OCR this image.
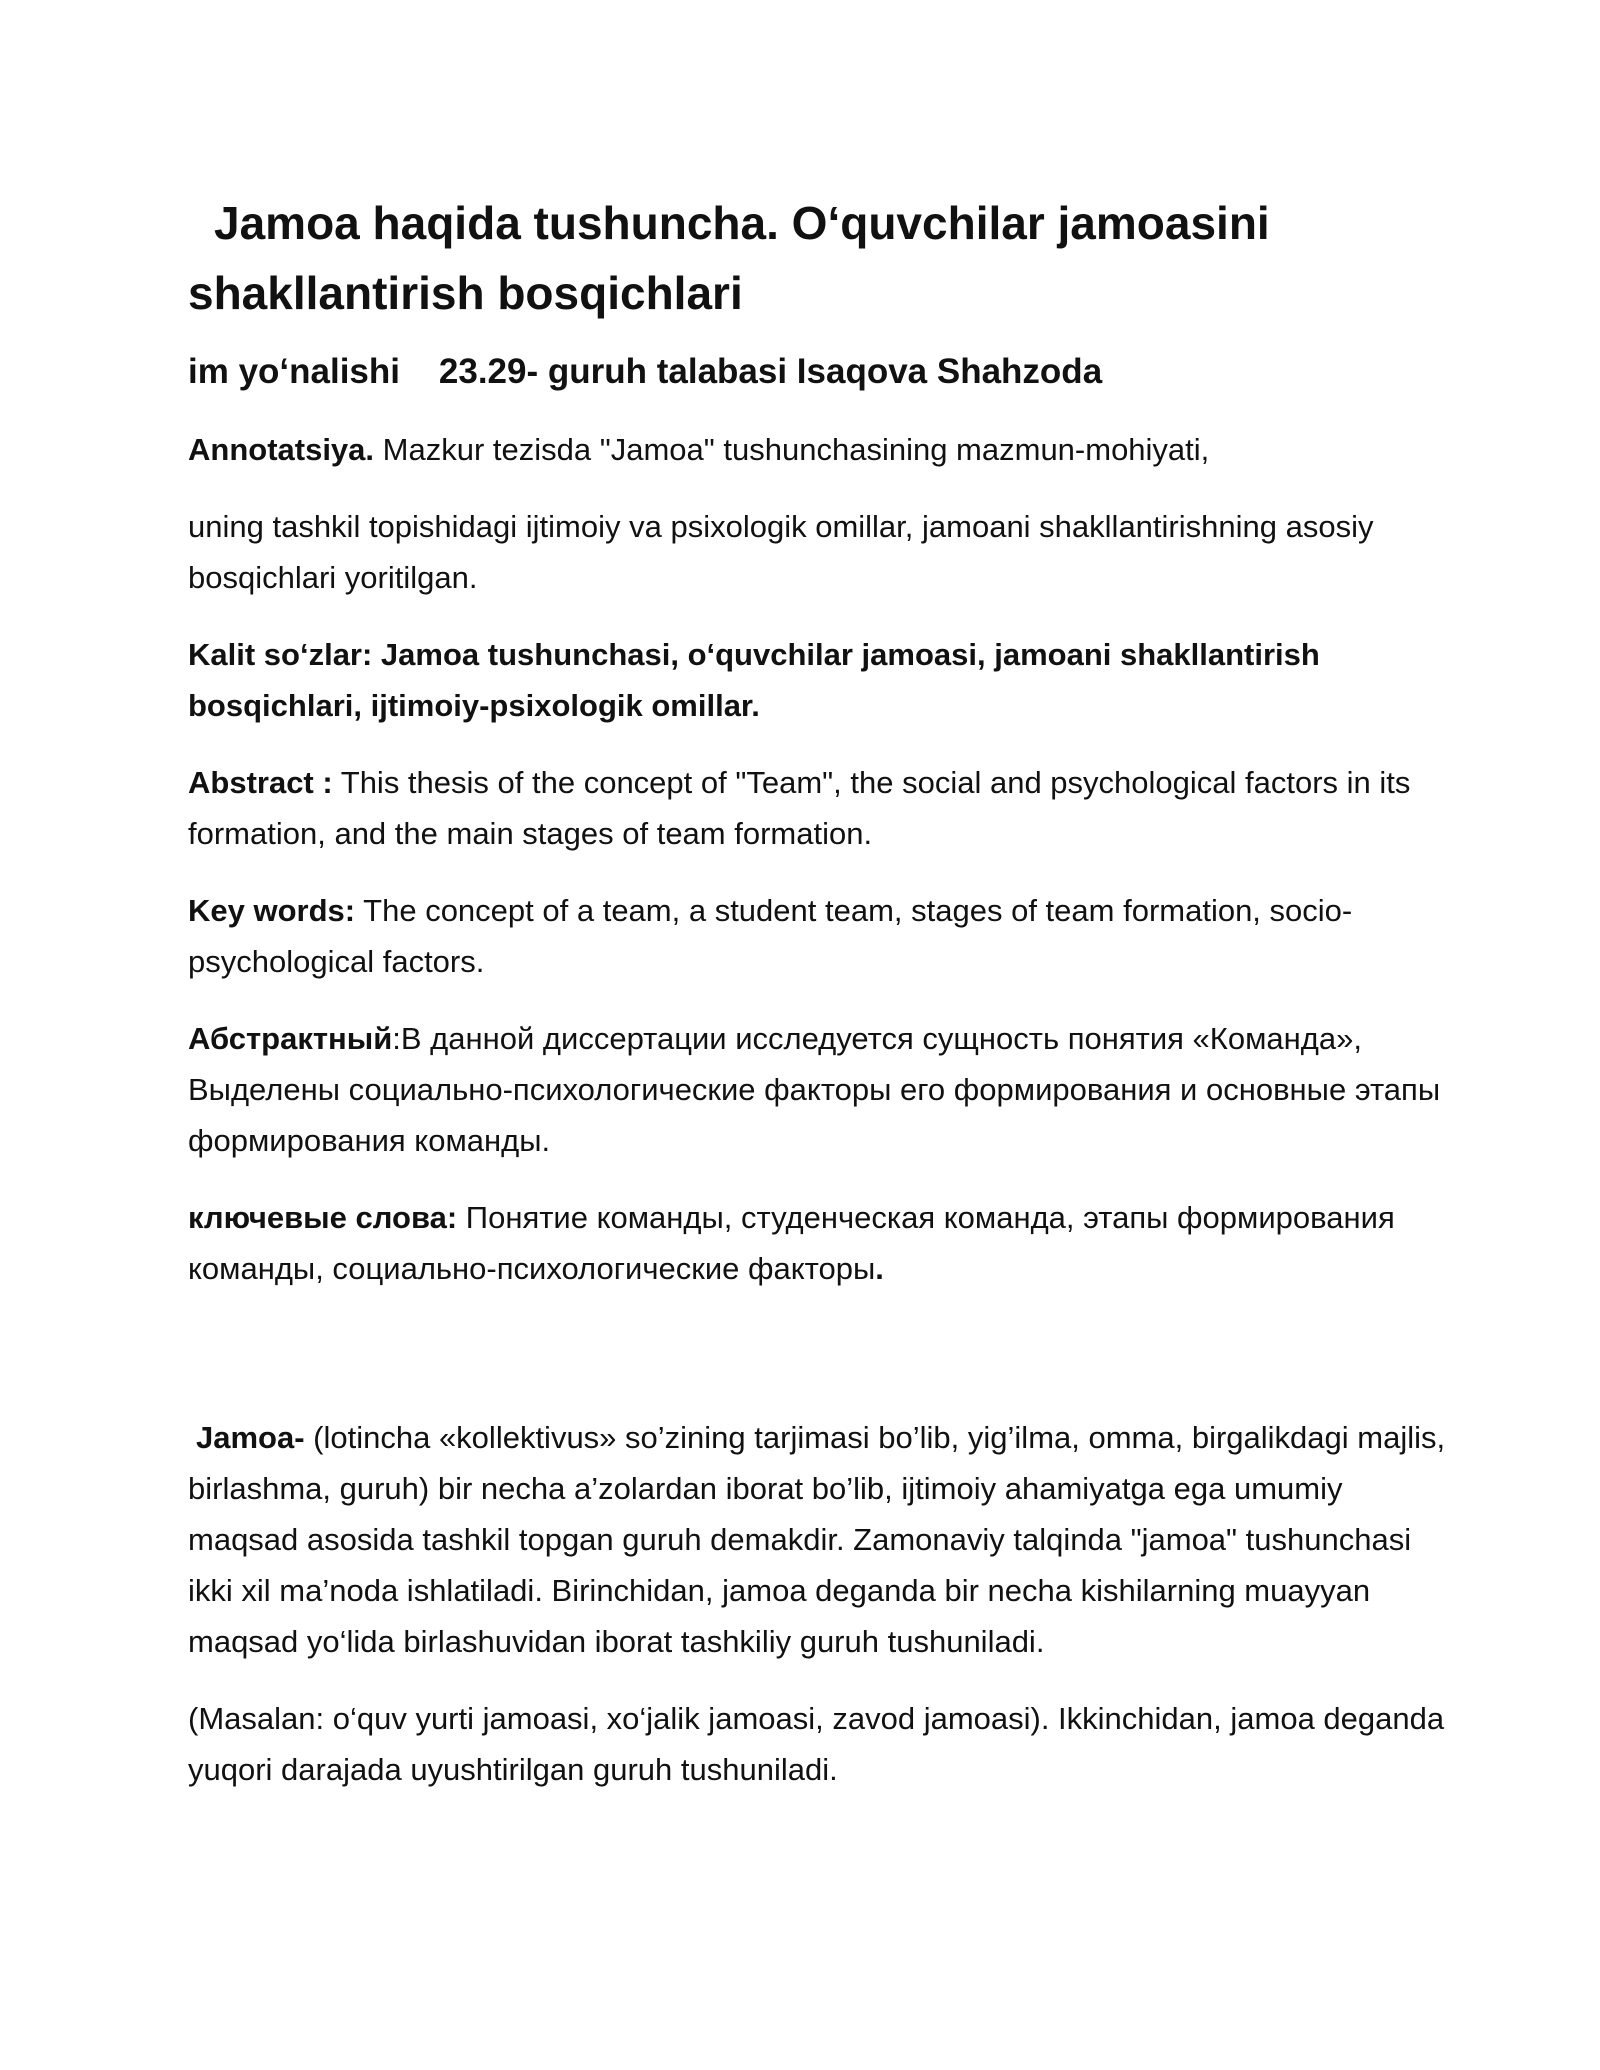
Jamoa haqida tushuncha. O‘quvchilar jamoasini
shakllantirish bosqichlari
im yo‘nalishi    23.29- guruh talabasi Isaqova Shahzoda

Annotatsiya. Mazkur tezisda "Jamoa" tushunchasining mazmun-mohiyati,

uning tashkil topishidagi ijtimoiy va psixologik omillar, jamoani shakllantirishning asosiy bosqichlari yoritilgan.

Kalit so‘zlar: Jamoa tushunchasi, o‘quvchilar jamoasi, jamoani shakllantirish bosqichlari, ijtimoiy-psixologik omillar.

Abstract : This thesis of the concept of "Team", the social and psychological factors in its formation, and the main stages of team formation.

Key words: The concept of a team, a student team, stages of team formation, socio-psychological factors.

Абстрактный:В данной диссертации исследуется сущность понятия «Команда», Выделены социально-психологические факторы его формирования и основные этапы формирования команды.

ключевые слова: Понятие команды, студенческая команда, этапы формирования команды, социально-психологические факторы.

Jamoa- (lotincha «kollektivus» so’zining tarjimasi bo’lib, yig’ilma, omma, birgalikdagi majlis, birlashma, guruh) bir necha a’zolardan iborat bo’lib, ijtimoiy ahamiyatga ega umumiy maqsad asosida tashkil topgan guruh demakdir. Zamonaviy talqinda "jamoa" tushunchasi ikki xil ma’noda ishlatiladi. Birinchidan, jamoa deganda bir necha kishilarning muayyan maqsad yo‘lida birlashuvidan iborat tashkiliy guruh tushuniladi.

(Masalan: o‘quv yurti jamoasi, xo‘jalik jamoasi, zavod jamoasi). Ikkinchidan, jamoa deganda yuqori darajada uyushtirilgan guruh tushuniladi.
